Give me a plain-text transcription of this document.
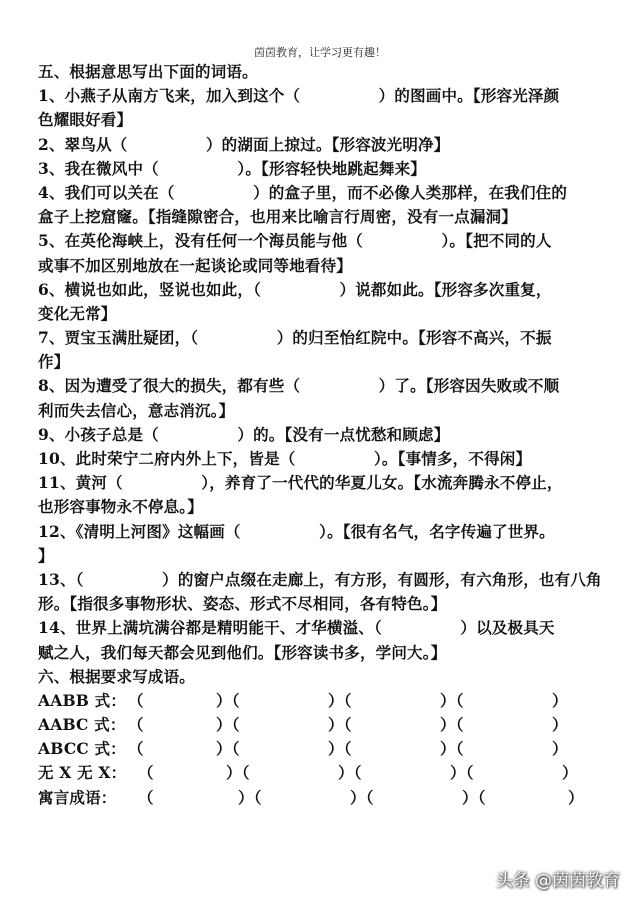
茵茵教育，让学习更有趣！
五、根据意思写出下面的词语。
1、小燕子从南方飞来，加入到这个（　　　　　）的图画中。【形容光泽颜
色耀眼好看】
2、翠鸟从（　　　　　）的湖面上掠过。【形容波光明净】
3、我在微风中（　　　　　）。【形容轻快地跳起舞来】
4、我们可以关在（　　　　　）的盒子里，而不必像人类那样，在我们住的
盒子上挖窟窿。【指缝隙密合，也用来比喻言行周密，没有一点漏洞】
5、在英伦海峡上，没有任何一个海员能与他（　　　　　）。【把不同的人
或事不加区别地放在一起谈论或同等地看待】
6、横说也如此，竖说也如此，（　　　　　）说都如此。【形容多次重复，
变化无常】
7、贾宝玉满肚疑团，（　　　　　）的归至怡红院中。【形容不高兴，不振
作】
8、因为遭受了很大的损失，都有些（　　　　　）了。【形容因失败或不顺
利而失去信心，意志消沉。】
9、小孩子总是（　　　　　）的。【没有一点忧愁和顾虑】
10、此时荣宁二府内外上下，皆是（　　　　　）。【事情多，不得闲】
11、黄河（　　　　　），养育了一代代的华夏儿女。【水流奔腾永不停止，
也形容事物永不停息。】
12、《清明上河图》这幅画（　　　　　）。【很有名气，名字传遍了世界。
】
13、（　　　　　）的窗户点缀在走廊上，有方形，有圆形，有六角形，也有八角
形。【指很多事物形状、姿态、形式不尽相同，各有特色。】
14、世界上满坑满谷都是精明能干、才华横溢、（　　　　　）以及极具天
赋之人，我们每天都会见到他们。【形容读书多，学问大。】
六、根据要求写成语。
AABB 式： （	）（	）（	）（	）
AABC 式： （	）（	）（	）（	）
ABCC 式： （	）（	）（	）（	）
无 X 无 X： （	）（	）（	）（	）
寓言成语： （	）（	）（	）（	）
头条 @茵茵教育
